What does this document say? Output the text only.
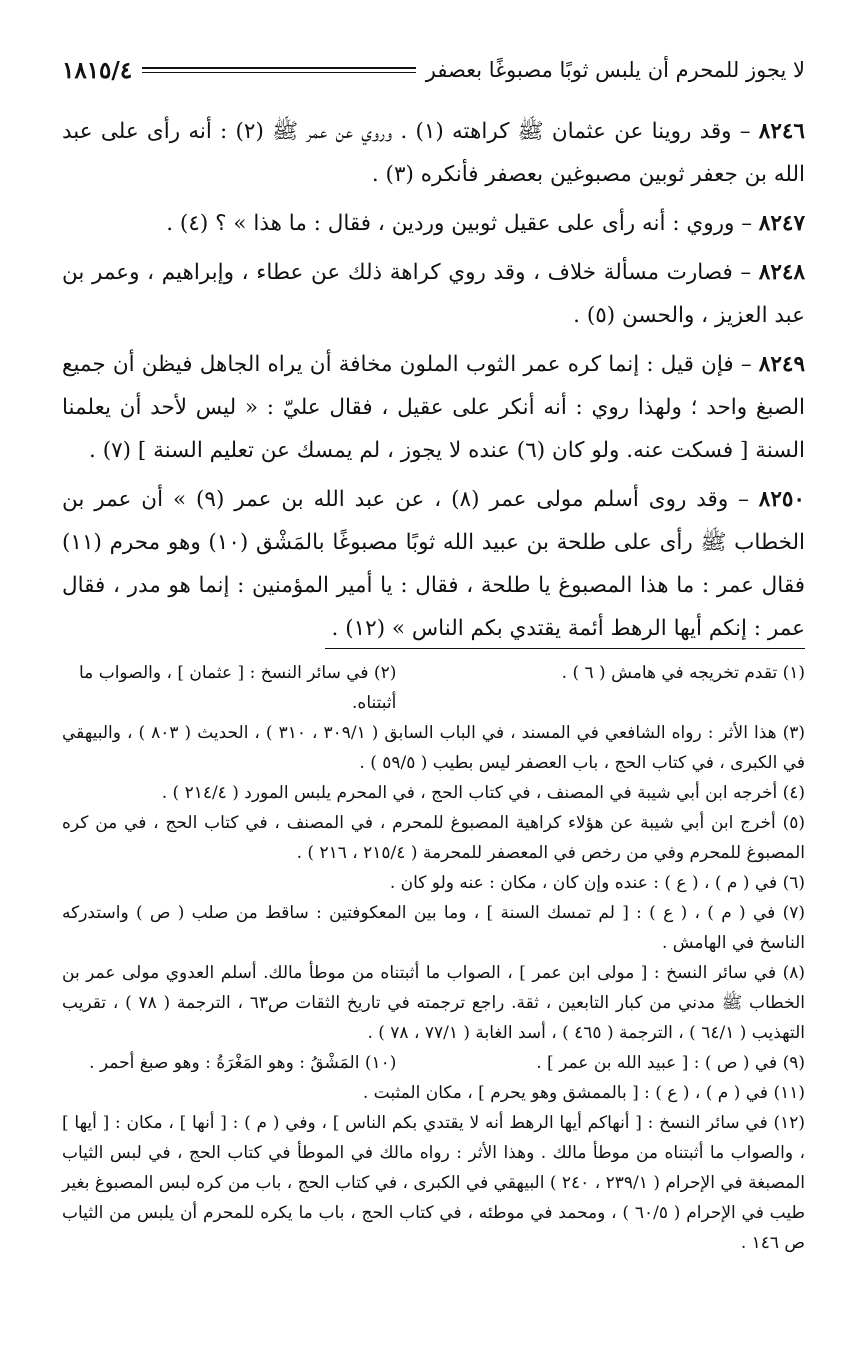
لا يجوز للمحرم أن يلبس ثوبًا مصبوغًا بعصفر
١٨١٥/٤

٨٢٤٦ – وقد روينا عن عثمان ﷺ كراهته (١) . وروي عن عمر ﷺ (٢) : أنه رأى على عبد الله بن جعفر ثوبين مصبوغين بعصفر فأنكره (٣) .

٨٢٤٧ – وروي : أنه رأى على عقيل ثوبين وردين ، فقال : ما هذا » ؟ (٤) .

٨٢٤٨ – فصارت مسألة خلاف ، وقد روي كراهة ذلك عن عطاء ، وإبراهيم ، وعمر بن عبد العزيز ، والحسن (٥) .

٨٢٤٩ – فإن قيل : إنما كره عمر الثوب الملون مخافة أن يراه الجاهل فيظن أن جميع الصبغ واحد ؛ ولهذا روي : أنه أنكر على عقيل ، فقال عليّ : « ليس لأحد أن يعلمنا السنة [ فسكت عنه. ولو كان (٦) عنده لا يجوز ، لم يمسك عن تعليم السنة ] (٧) .

٨٢٥٠ – وقد روى أسلم مولى عمر (٨) ، عن عبد الله بن عمر (٩) » أن عمر بن الخطاب ﷺ رأى على طلحة بن عبيد الله ثوبًا مصبوغًا بالمَشْق (١٠) وهو محرم (١١) فقال عمر : ما هذا المصبوغ يا طلحة ، فقال : يا أمير المؤمنين : إنما هو مدر ، فقال عمر : إنكم أيها الرهط أئمة يقتدي بكم الناس » (١٢) .

(١) تقدم تخريجه في هامش ( ٦ ) .
(٢) في سائر النسخ : [ عثمان ] ، والصواب ما أثبتناه.

(٣) هذا الأثر : رواه الشافعي في المسند ، في الباب السابق ( ٣٠٩/١ ، ٣١٠ ) ، الحديث ( ٨٠٣ ) ، والبيهقي في الكبرى ، في كتاب الحج ، باب العصفر ليس بطيب ( ٥٩/٥ ) .

(٤) أخرجه ابن أبي شيبة في المصنف ، في كتاب الحج ، في المحرم يلبس المورد ( ٢١٤/٤ ) .

(٥) أخرج ابن أبي شيبة عن هؤلاء كراهية المصبوغ للمحرم ، في المصنف ، في كتاب الحج ، في من كره المصبوغ للمحرم وفي من رخص في المعصفر للمحرمة ( ٢١٥/٤ ، ٢١٦ ) .

(٦) في ( م ) ، ( ع ) : عنده وإن كان ، مكان : عنه ولو كان .

(٧) في ( م ) ، ( ع ) : [ لم تمسك السنة ] ، وما بين المعكوفتين : ساقط من صلب ( ص ) واستدركه الناسخ في الهامش .

(٨) في سائر النسخ : [ مولى ابن عمر ] ، الصواب ما أثبتناه من موطأ مالك. أسلم العدوي مولى عمر بن الخطاب ﷺ مدني من كبار التابعين ، ثقة. راجع ترجمته في تاريخ الثقات ص٦٣ ، الترجمة ( ٧٨ ) ، تقريب التهذيب ( ٦٤/١ ) ، الترجمة ( ٤٦٥ ) ، أسد الغابة ( ٧٧/١ ، ٧٨ ) .

(٩) في ( ص ) : [ عبيد الله بن عمر ] .
(١٠) المَشْقُ : وهو المَغْرَةُ : وهو صبغ أحمر .

(١١) في ( م ) ، ( ع ) : [ بالممشق وهو يحرم ] ، مكان المثبت .

(١٢) في سائر النسخ : [ أنهاكم أيها الرهط أنه لا يقتدي بكم الناس ] ، وفي ( م ) : [ أنها ] ، مكان : [ أيها ] ، والصواب ما أثبتناه من موطأ مالك . وهذا الأثر : رواه مالك في الموطأ في كتاب الحج ، في لبس الثياب المصبغة في الإحرام ( ٢٣٩/١ ، ٢٤٠ ) البيهقي في الكبرى ، في كتاب الحج ، باب من كره لبس المصبوغ بغير طيب في الإحرام ( ٦٠/٥ ) ، ومحمد في موطئه ، في كتاب الحج ، باب ما يكره للمحرم أن يلبس من الثياب ص ١٤٦ .
